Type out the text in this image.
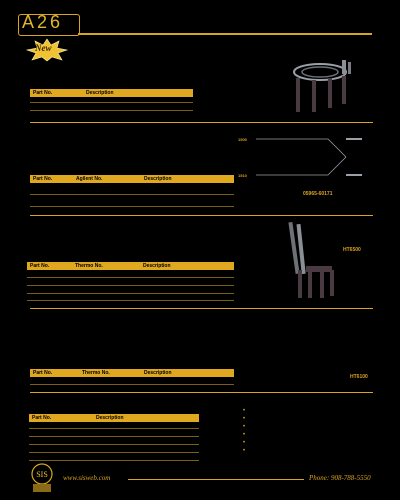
A26
New
Part No.	Description
1500
1510
Part No.	Agilent No.	Description
05965-60171
HT6500
Part No.	Thermo No.	Description
Part No.	Thermo No.	Description
HT6100
Part No.	Description
•
•
•
•
•
•
SIS www.sisweb.com	Phone: 908-788-5550
